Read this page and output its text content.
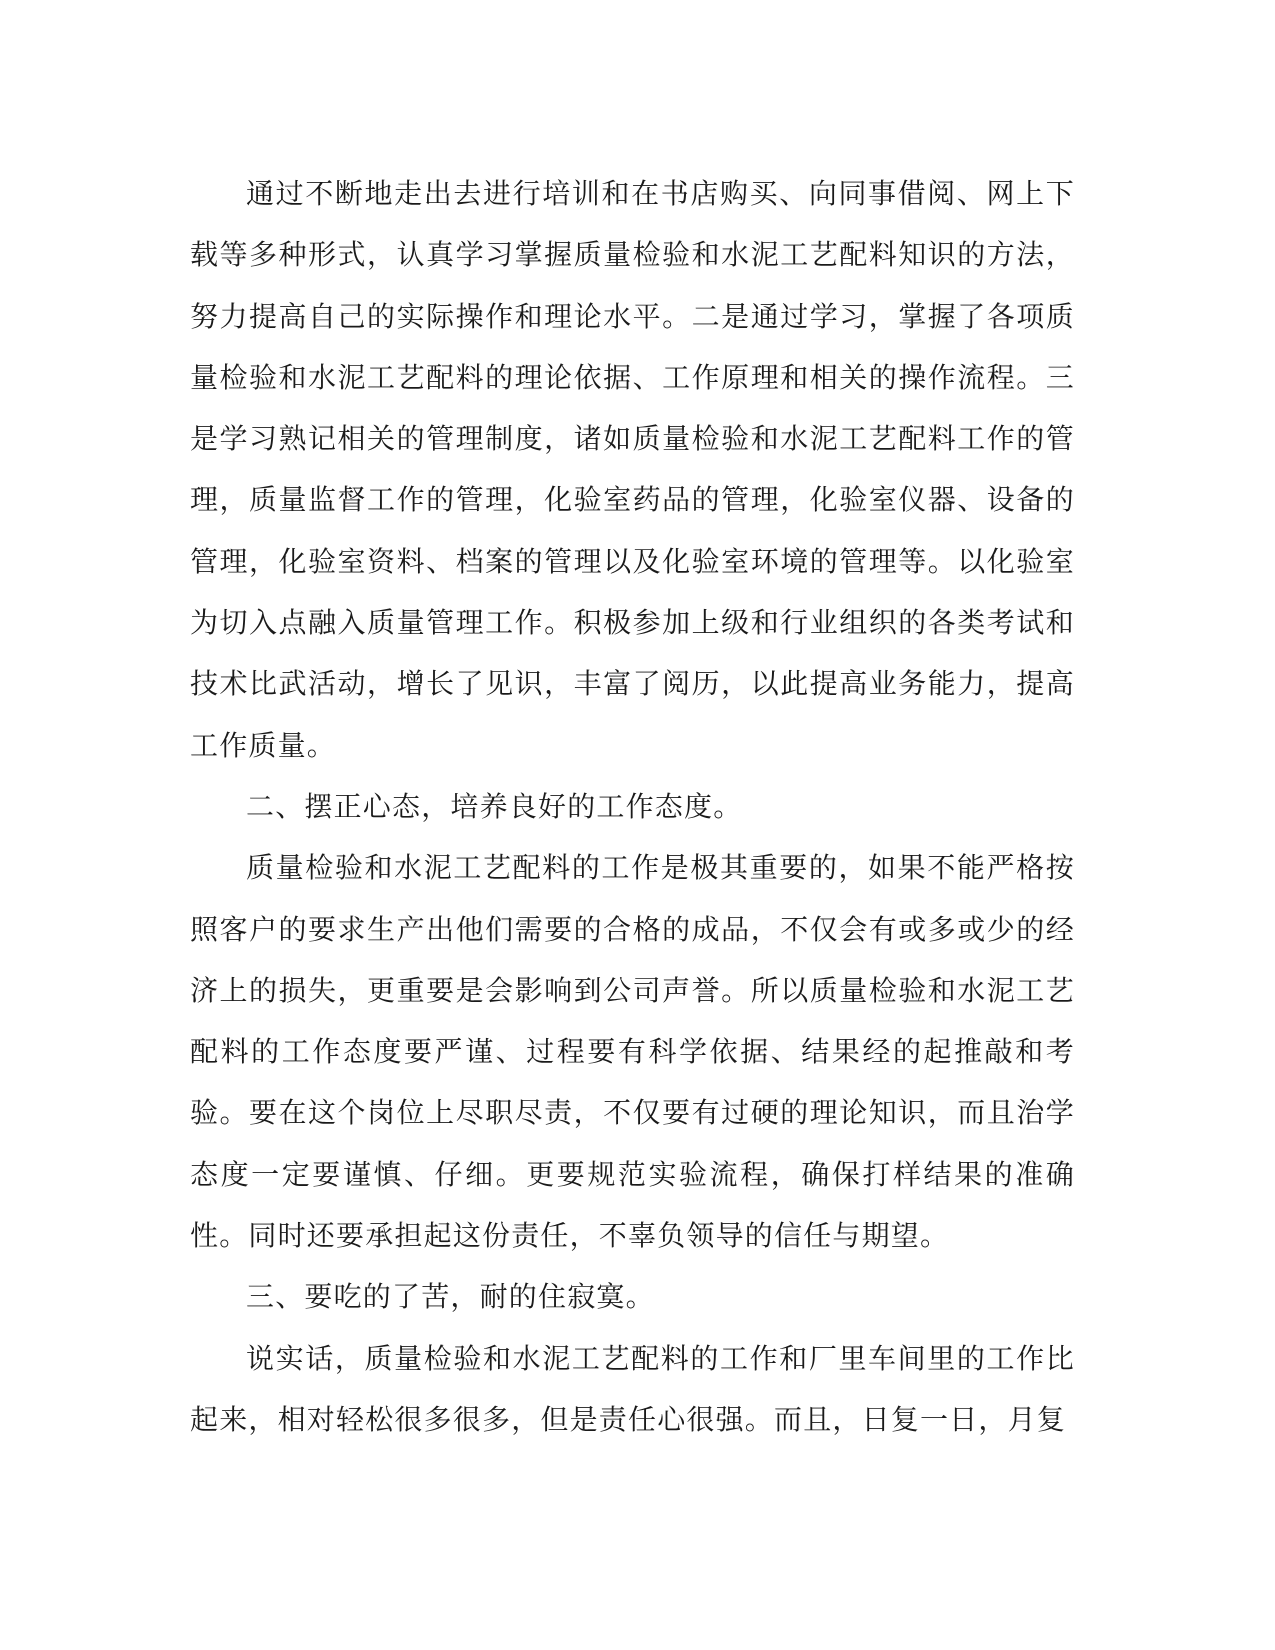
通过不断地走出去进行培训和在书店购买、向同事借阅、网上下载等多种形式，认真学习掌握质量检验和水泥工艺配料知识的方法，努力提高自己的实际操作和理论水平。二是通过学习，掌握了各项质量检验和水泥工艺配料的理论依据、工作原理和相关的操作流程。三是学习熟记相关的管理制度，诸如质量检验和水泥工艺配料工作的管理，质量监督工作的管理，化验室药品的管理，化验室仪器、设备的管理，化验室资料、档案的管理以及化验室环境的管理等。以化验室为切入点融入质量管理工作。积极参加上级和行业组织的各类考试和技术比武活动，增长了见识，丰富了阅历，以此提高业务能力，提高工作质量。

二、摆正心态，培养良好的工作态度。

质量检验和水泥工艺配料的工作是极其重要的，如果不能严格按照客户的要求生产出他们需要的合格的成品，不仅会有或多或少的经济上的损失，更重要是会影响到公司声誉。所以质量检验和水泥工艺配料的工作态度要严谨、过程要有科学依据、结果经的起推敲和考验。要在这个岗位上尽职尽责，不仅要有过硬的理论知识，而且治学态度一定要谨慎、仔细。更要规范实验流程，确保打样结果的准确性。同时还要承担起这份责任，不辜负领导的信任与期望。

三、要吃的了苦，耐的住寂寞。

说实话，质量检验和水泥工艺配料的工作和厂里车间里的工作比起来，相对轻松很多很多，但是责任心很强。而且，日复一日，月复
